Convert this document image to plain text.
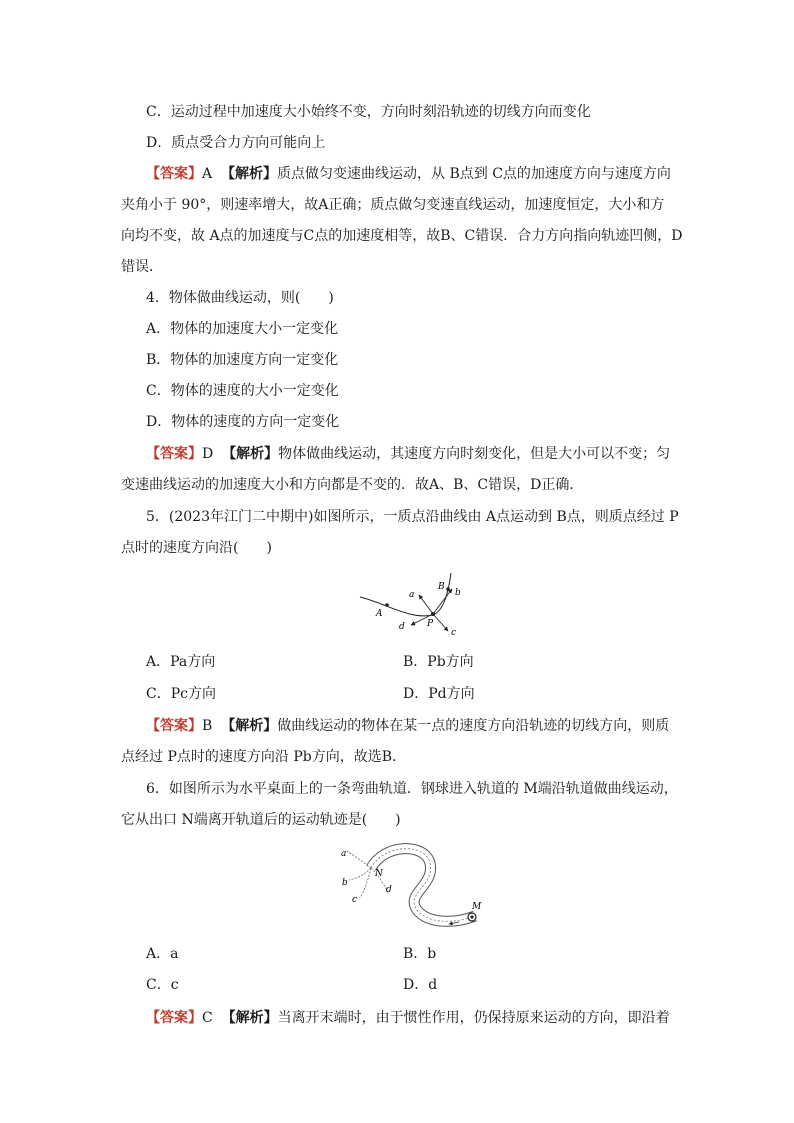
C．运动过程中加速度大小始终不变，方向时刻沿轨迹的切线方向而变化
D．质点受合力方向可能向上
【答案】A 【解析】质点做匀变速曲线运动，从 B点到 C点的加速度方向与速度方向
夹角小于 90°，则速率增大，故A正确；质点做匀变速直线运动，加速度恒定，大小和方
向均不变，故 A点的加速度与C点的加速度相等，故B、C错误．合力方向指向轨迹凹侧，D
错误．
4．物体做曲线运动，则(　　)
A．物体的加速度大小一定变化
B．物体的加速度方向一定变化
C．物体的速度的大小一定变化
D．物体的速度的方向一定变化
【答案】D 【解析】物体做曲线运动，其速度方向时刻变化，但是大小可以不变；匀
变速曲线运动的加速度大小和方向都是不变的．故A、B、C错误，D正确．
5．(2023年江门二中期中)如图所示，一质点沿曲线由 A点运动到 B点，则质点经过 P
点时的速度方向沿(　　)
A
B
P
a	b
c
d
A．Pa方向	B．Pb方向
C．Pc方向	D．Pd方向
【答案】B 【解析】做曲线运动的物体在某一点的速度方向沿轨迹的切线方向，则质
点经过 P点时的速度方向沿 Pb方向，故选B．
6．如图所示为水平桌面上的一条弯曲轨道．钢球进入轨道的 M端沿轨道做曲线运动，
它从出口 N端离开轨道后的运动轨迹是(　　)
N
M
a
b
c
d
A．a	B．b
C．c	D．d
【答案】C 【解析】当离开末端时，由于惯性作用，仍保持原来运动的方向，即沿着
